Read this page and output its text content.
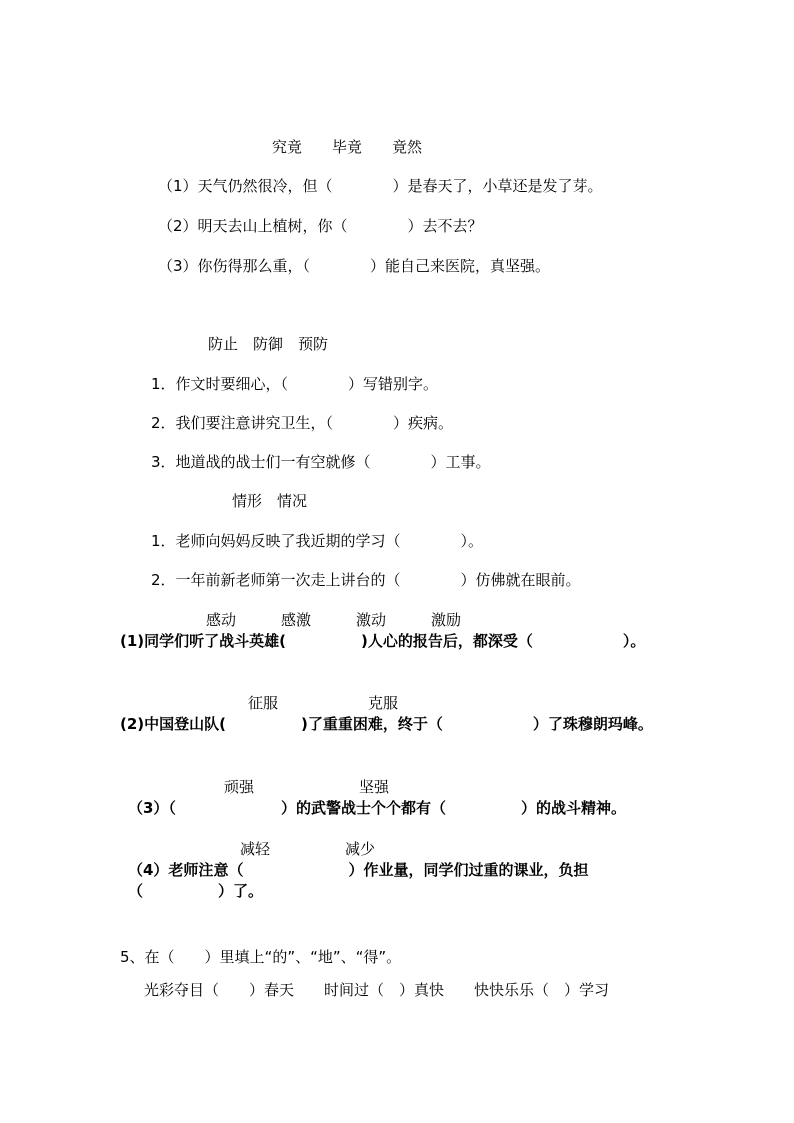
究竟　　毕竟　　竟然
（1）天气仍然很冷，但（　　　　）是春天了，小草还是发了芽。
（2）明天去山上植树，你（　　　　）去不去？
（3）你伤得那么重，（　　　　）能自己来医院，真坚强。
防止　防御　预防
1．作文时要细心，（　　　　）写错别字。
2．我们要注意讲究卫生，（　　　　）疾病。
3．地道战的战士们一有空就修（　　　　）工事。
情形　情况
1．老师向妈妈反映了我近期的学习（　　　　）。
2．一年前新老师第一次走上讲台的（　　　　）仿佛就在眼前。
感动　　　感激　　　激动　　　激励
(1)同学们听了战斗英雄(　　　　　)人心的报告后，都深受（　　　　　　）。
征服　　　　　　克服
(2)中国登山队(　　　　　)了重重困难，终于（　　　　　　）了珠穆朗玛峰。
顽强　　　　　　　坚强
（3）（　　　　　　　）的武警战士个个都有（　　　　　）的战斗精神。
减轻　　　　　减少
（4）老师注意（　　　　　　　）作业量，同学们过重的课业，负担
（　　　　　）了。
5、在（　　）里填上“的”、“地”、“得”。
光彩夺目（　　）春天　　时间过（　）真快　　快快乐乐（　）学习
